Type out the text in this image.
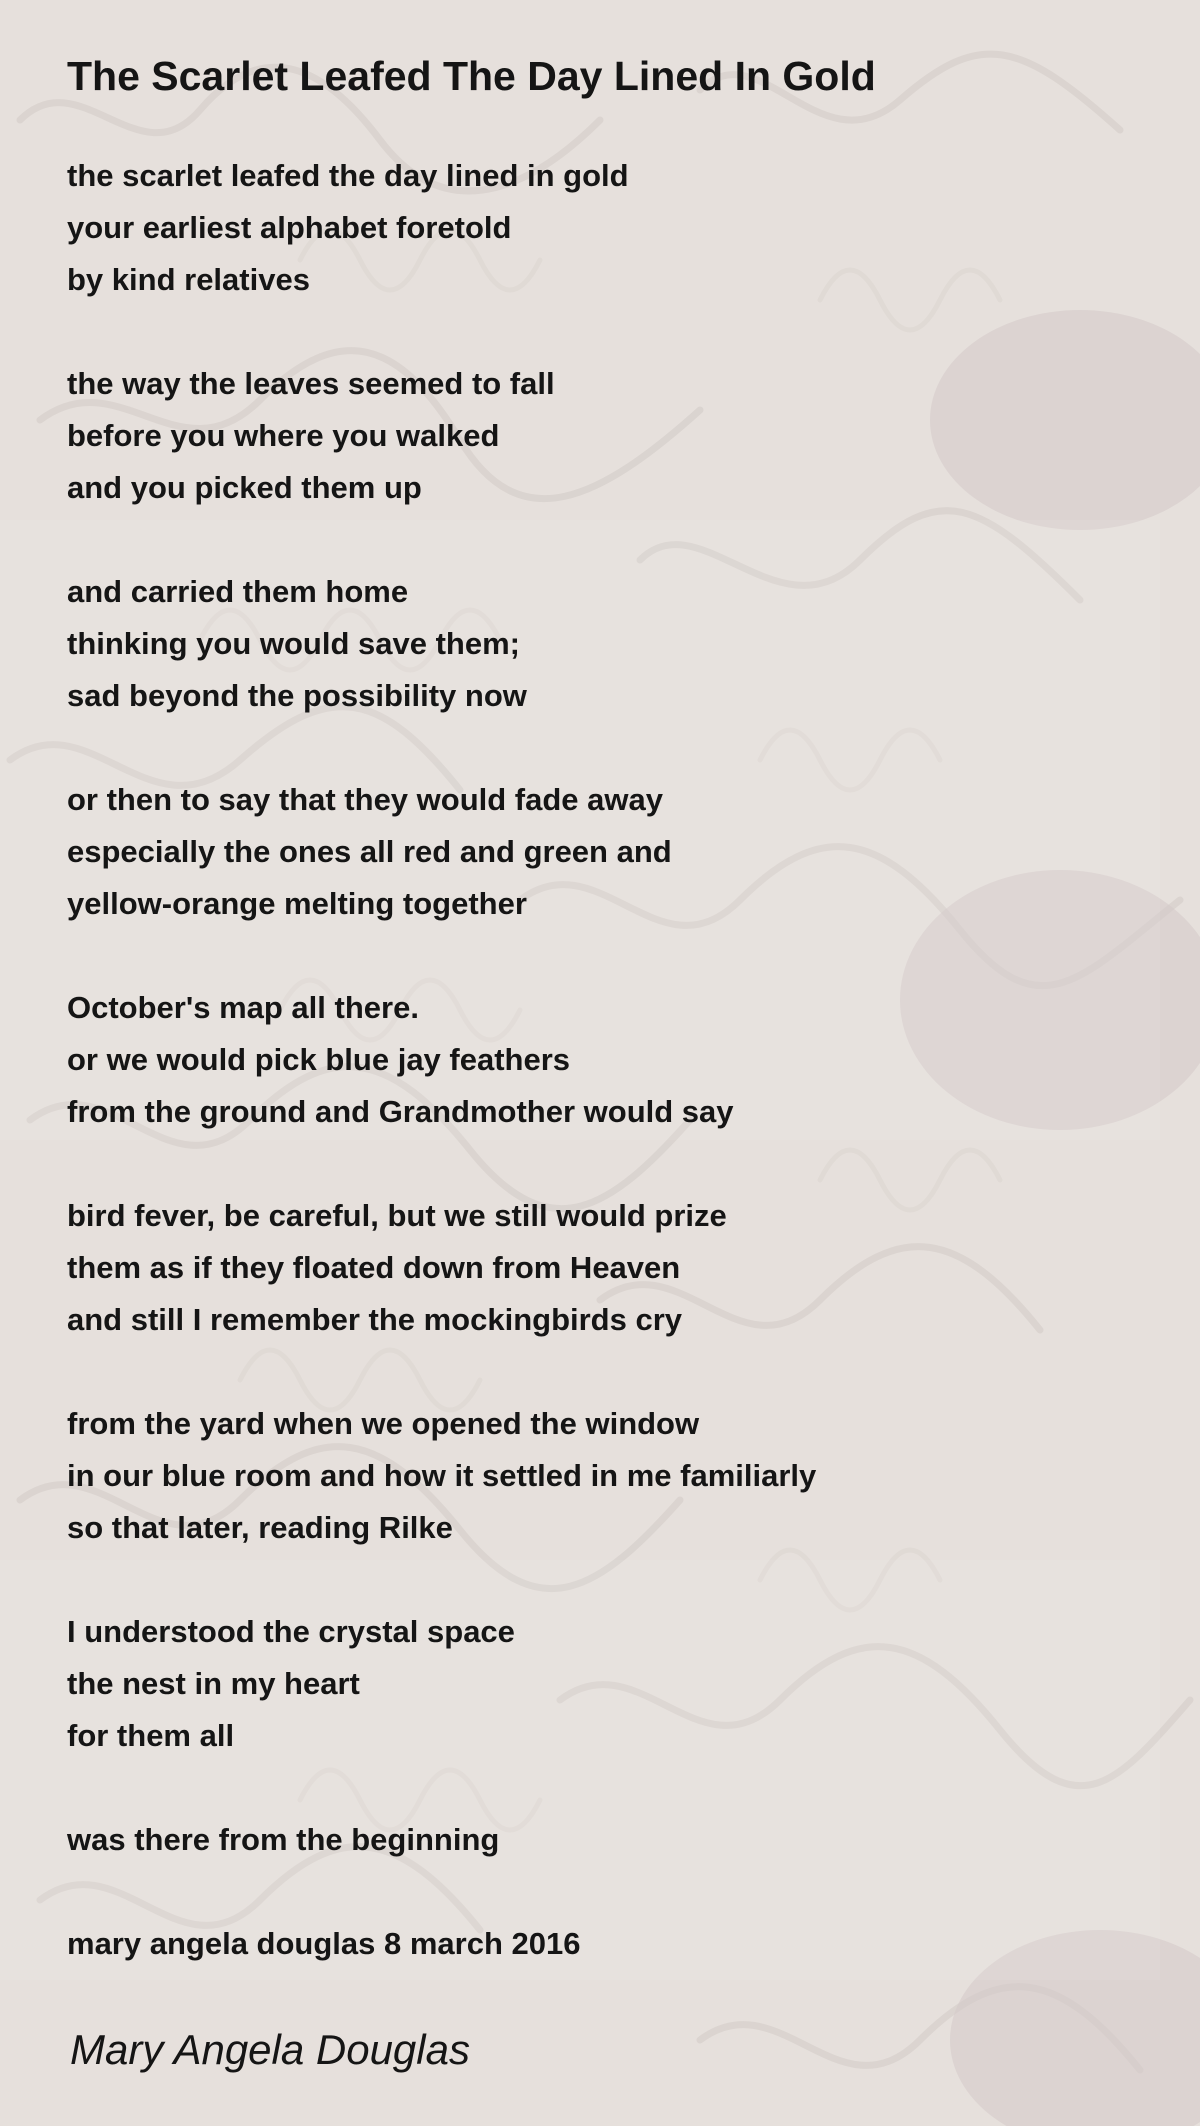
The Scarlet Leafed The Day Lined In Gold
the scarlet leafed the day lined in gold
your earliest alphabet foretold
by kind relatives
the way the leaves seemed to fall
before you where you walked
and you picked them up
and carried them home
thinking you would save them;
sad beyond the possibility now
or then to say that they would fade away
especially the ones all red and green and
yellow-orange melting together
October's map all there.
or we would pick blue jay feathers
from the ground and Grandmother would say
bird fever, be careful, but we still would prize
them as if they floated down from Heaven
and still I remember the mockingbirds cry
from the yard when we opened the window
in our blue room and how it settled in me familiarly
so that later, reading Rilke
I understood the crystal space
the nest in my heart
for them all
was there from the beginning
mary angela douglas 8 march 2016
Mary Angela Douglas
